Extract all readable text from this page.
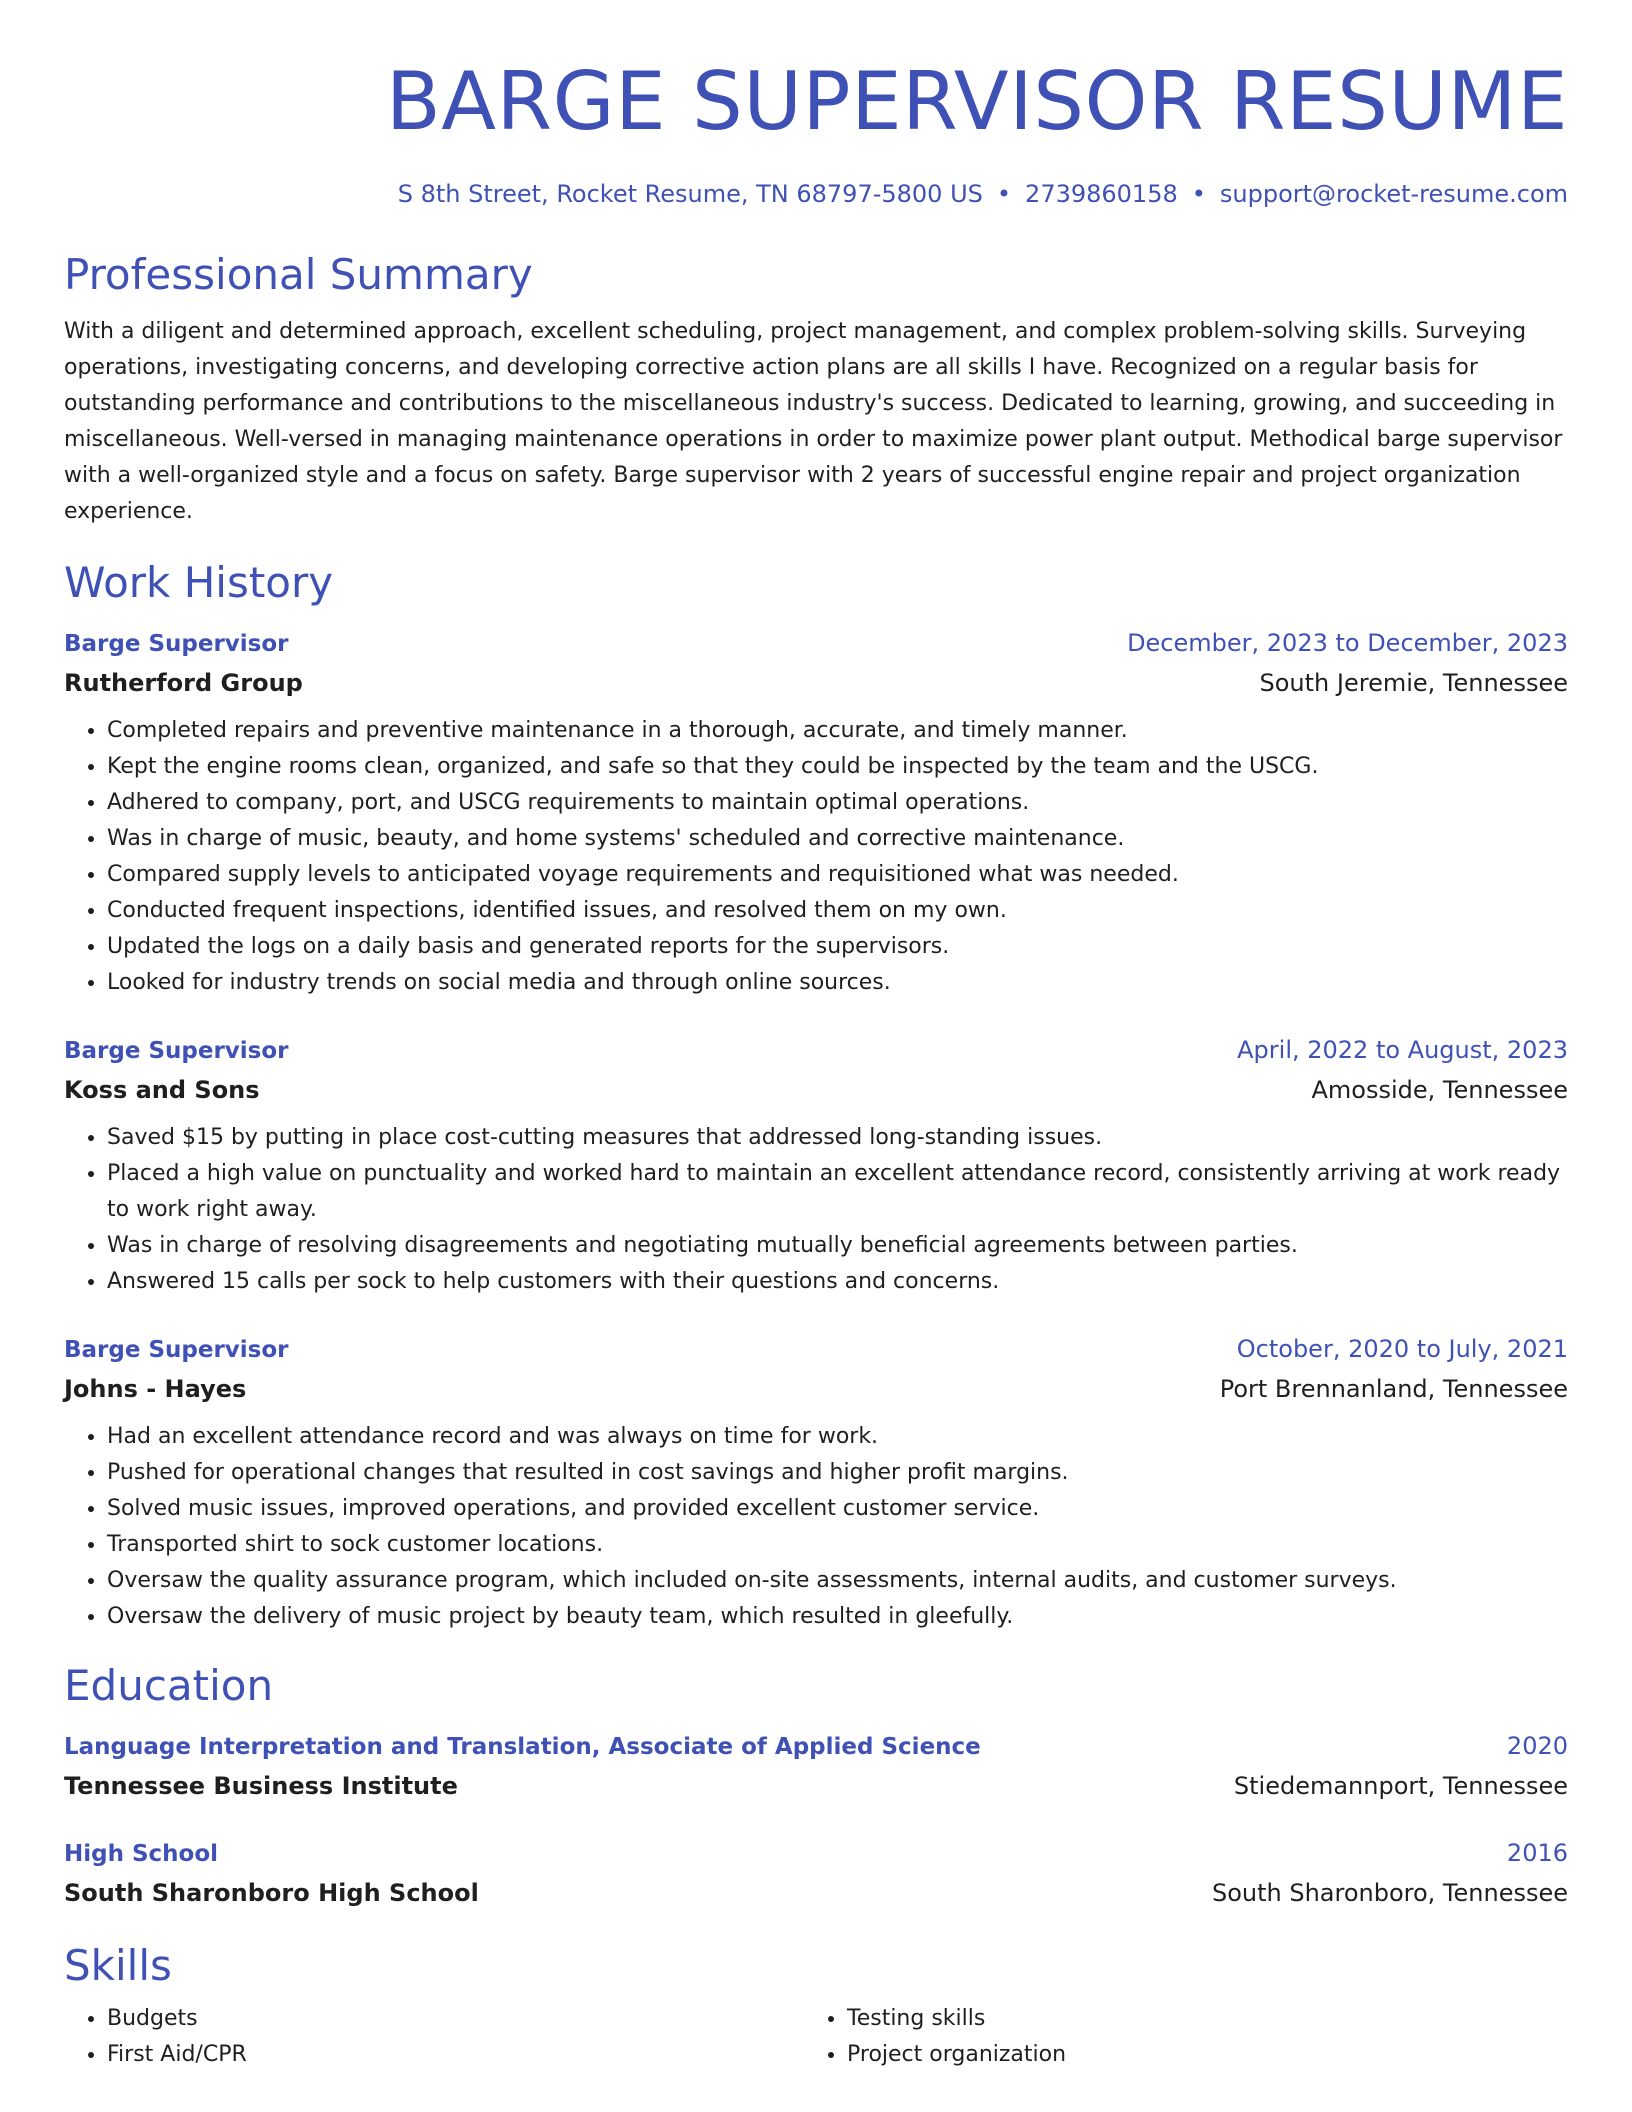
BARGE SUPERVISOR RESUME
S 8th Street, Rocket Resume, TN 68797-5800 US • 2739860158 • support@rocket-resume.com
Professional Summary
With a diligent and determined approach, excellent scheduling, project management, and complex problem-solving skills. Surveying operations, investigating concerns, and developing corrective action plans are all skills I have. Recognized on a regular basis for outstanding performance and contributions to the miscellaneous industry's success. Dedicated to learning, growing, and succeeding in miscellaneous. Well-versed in managing maintenance operations in order to maximize power plant output. Methodical barge supervisor with a well-organized style and a focus on safety. Barge supervisor with 2 years of successful engine repair and project organization experience.
Work History
Barge Supervisor	December, 2023 to December, 2023
Rutherford Group	South Jeremie, Tennessee
• Completed repairs and preventive maintenance in a thorough, accurate, and timely manner.
• Kept the engine rooms clean, organized, and safe so that they could be inspected by the team and the USCG.
• Adhered to company, port, and USCG requirements to maintain optimal operations.
• Was in charge of music, beauty, and home systems' scheduled and corrective maintenance.
• Compared supply levels to anticipated voyage requirements and requisitioned what was needed.
• Conducted frequent inspections, identified issues, and resolved them on my own.
• Updated the logs on a daily basis and generated reports for the supervisors.
• Looked for industry trends on social media and through online sources.
Barge Supervisor	April, 2022 to August, 2023
Koss and Sons	Amosside, Tennessee
• Saved $15 by putting in place cost-cutting measures that addressed long-standing issues.
• Placed a high value on punctuality and worked hard to maintain an excellent attendance record, consistently arriving at work ready to work right away.
• Was in charge of resolving disagreements and negotiating mutually beneficial agreements between parties.
• Answered 15 calls per sock to help customers with their questions and concerns.
Barge Supervisor	October, 2020 to July, 2021
Johns - Hayes	Port Brennanland, Tennessee
• Had an excellent attendance record and was always on time for work.
• Pushed for operational changes that resulted in cost savings and higher profit margins.
• Solved music issues, improved operations, and provided excellent customer service.
• Transported shirt to sock customer locations.
• Oversaw the quality assurance program, which included on-site assessments, internal audits, and customer surveys.
• Oversaw the delivery of music project by beauty team, which resulted in gleefully.
Education
Language Interpretation and Translation, Associate of Applied Science	2020
Tennessee Business Institute	Stiedemannport, Tennessee
High School	2016
South Sharonboro High School	South Sharonboro, Tennessee
Skills
• Budgets
• First Aid/CPR
• Testing skills
• Project organization
